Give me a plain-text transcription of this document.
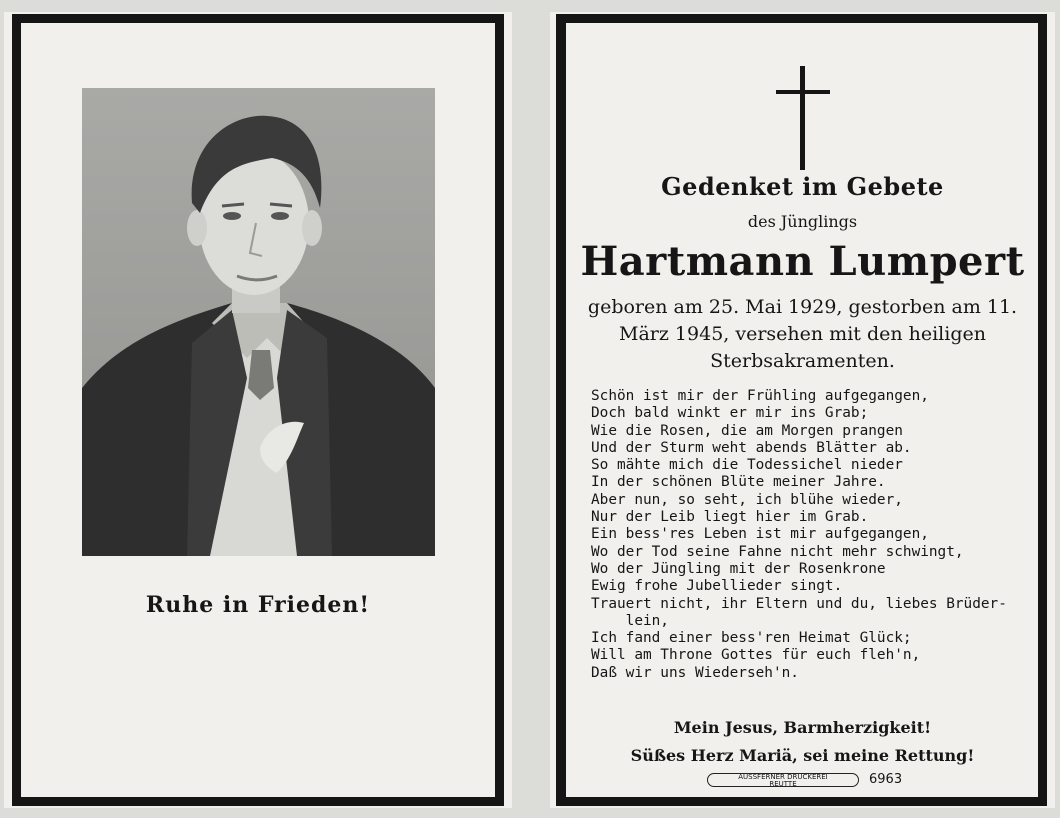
Ruhe in Frieden!
Gedenket im Gebete
des Jünglings
Hartmann Lumpert
geboren am 25. Mai 1929, gestorben am 11. März 1945, versehen mit den heiligen Sterbsakramenten.
Schön ist mir der Frühling aufgegangen,
Doch bald winkt er mir ins Grab;
Wie die Rosen, die am Morgen prangen
Und der Sturm weht abends Blätter ab.
So mähte mich die Todessichel nieder
In der schönen Blüte meiner Jahre.
Aber nun, so seht, ich blühe wieder,
Nur der Leib liegt hier im Grab.
Ein bess'res Leben ist mir aufgegangen,
Wo der Tod seine Fahne nicht mehr schwingt,
Wo der Jüngling mit der Rosenkrone
Ewig frohe Jubellieder singt.
Trauert nicht, ihr Eltern und du, liebes Brüder-
lein,
Ich fand einer bess'ren Heimat Glück;
Will am Throne Gottes für euch fleh'n,
Daß wir uns Wiederseh'n.
Mein Jesus, Barmherzigkeit!
Süßes Herz Mariä, sei meine Rettung!
AUSSFERNER DRUCKEREI
REUTTE	6963
